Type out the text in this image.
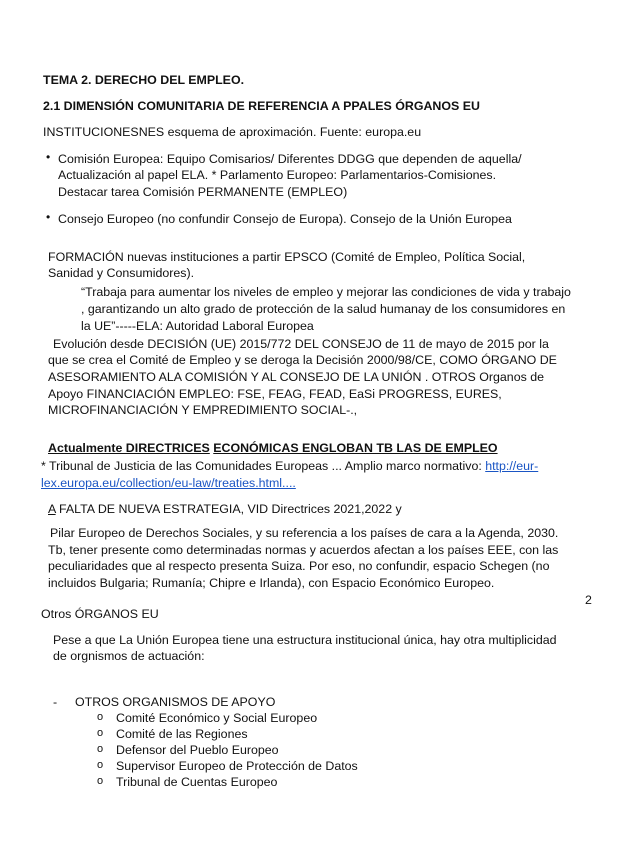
TEMA 2. DERECHO DEL EMPLEO.
2.1 DIMENSIÓN COMUNITARIA DE REFERENCIA A PPALES ÓRGANOS EU
INSTITUCIONESNES esquema de aproximación. Fuente: europa.eu
• Comisión Europea: Equipo Comisarios/ Diferentes DDGG que dependen de aquella/
Actualización al papel ELA. * Parlamento Europeo: Parlamentarios-Comisiones.
Destacar tarea Comisión PERMANENTE (EMPLEO)
• Consejo Europeo (no confundir Consejo de Europa). Consejo de la Unión Europea
FORMACIÓN nuevas instituciones a partir EPSCO (Comité de Empleo, Política Social,
Sanidad y Consumidores).
“Trabaja para aumentar los niveles de empleo y mejorar las condiciones de vida y trabajo
, garantizando un alto grado de protección de la salud humanay de los consumidores en
la UE”-----ELA: Autoridad Laboral Europea
Evolución desde DECISIÓN (UE) 2015/772 DEL CONSEJO de 11 de mayo de 2015 por la
que se crea el Comité de Empleo y se deroga la Decisión 2000/98/CE, COMO ÓRGANO DE
ASESORAMIENTO ALA COMISIÓN Y AL CONSEJO DE LA UNIÓN . OTROS Organos de
Apoyo FINANCIACIÓN EMPLEO: FSE, FEAG, FEAD, EaSi PROGRESS, EURES,
MICROFINANCIACIÓN Y EMPREDIMIENTO SOCIAL-.,
Actualmente DIRECTRICES ECONÓMICAS ENGLOBAN TB LAS DE EMPLEO
* Tribunal de Justicia de las Comunidades Europeas ... Amplio marco normativo: http://eur-
lex.europa.eu/collection/eu-law/treaties.html....
A FALTA DE NUEVA ESTRATEGIA, VID Directrices 2021,2022 y
Pilar Europeo de Derechos Sociales, y su referencia a los países de cara a la Agenda, 2030.
Tb, tener presente como determinadas normas y acuerdos afectan a los países EEE, con las
peculiaridades que al respecto presenta Suiza. Por eso, no confundir, espacio Schegen (no
incluidos Bulgaria; Rumanía; Chipre e Irlanda), con Espacio Económico Europeo.
2
Otros ÓRGANOS EU
Pese a que La Unión Europea tiene una estructura institucional única, hay otra multiplicidad
de orgnismos de actuación:
- OTROS ORGANISMOS DE APOYO
o Comité Económico y Social Europeo
o Comité de las Regiones
o Defensor del Pueblo Europeo
o Supervisor Europeo de Protección de Datos
o Tribunal de Cuentas Europeo
